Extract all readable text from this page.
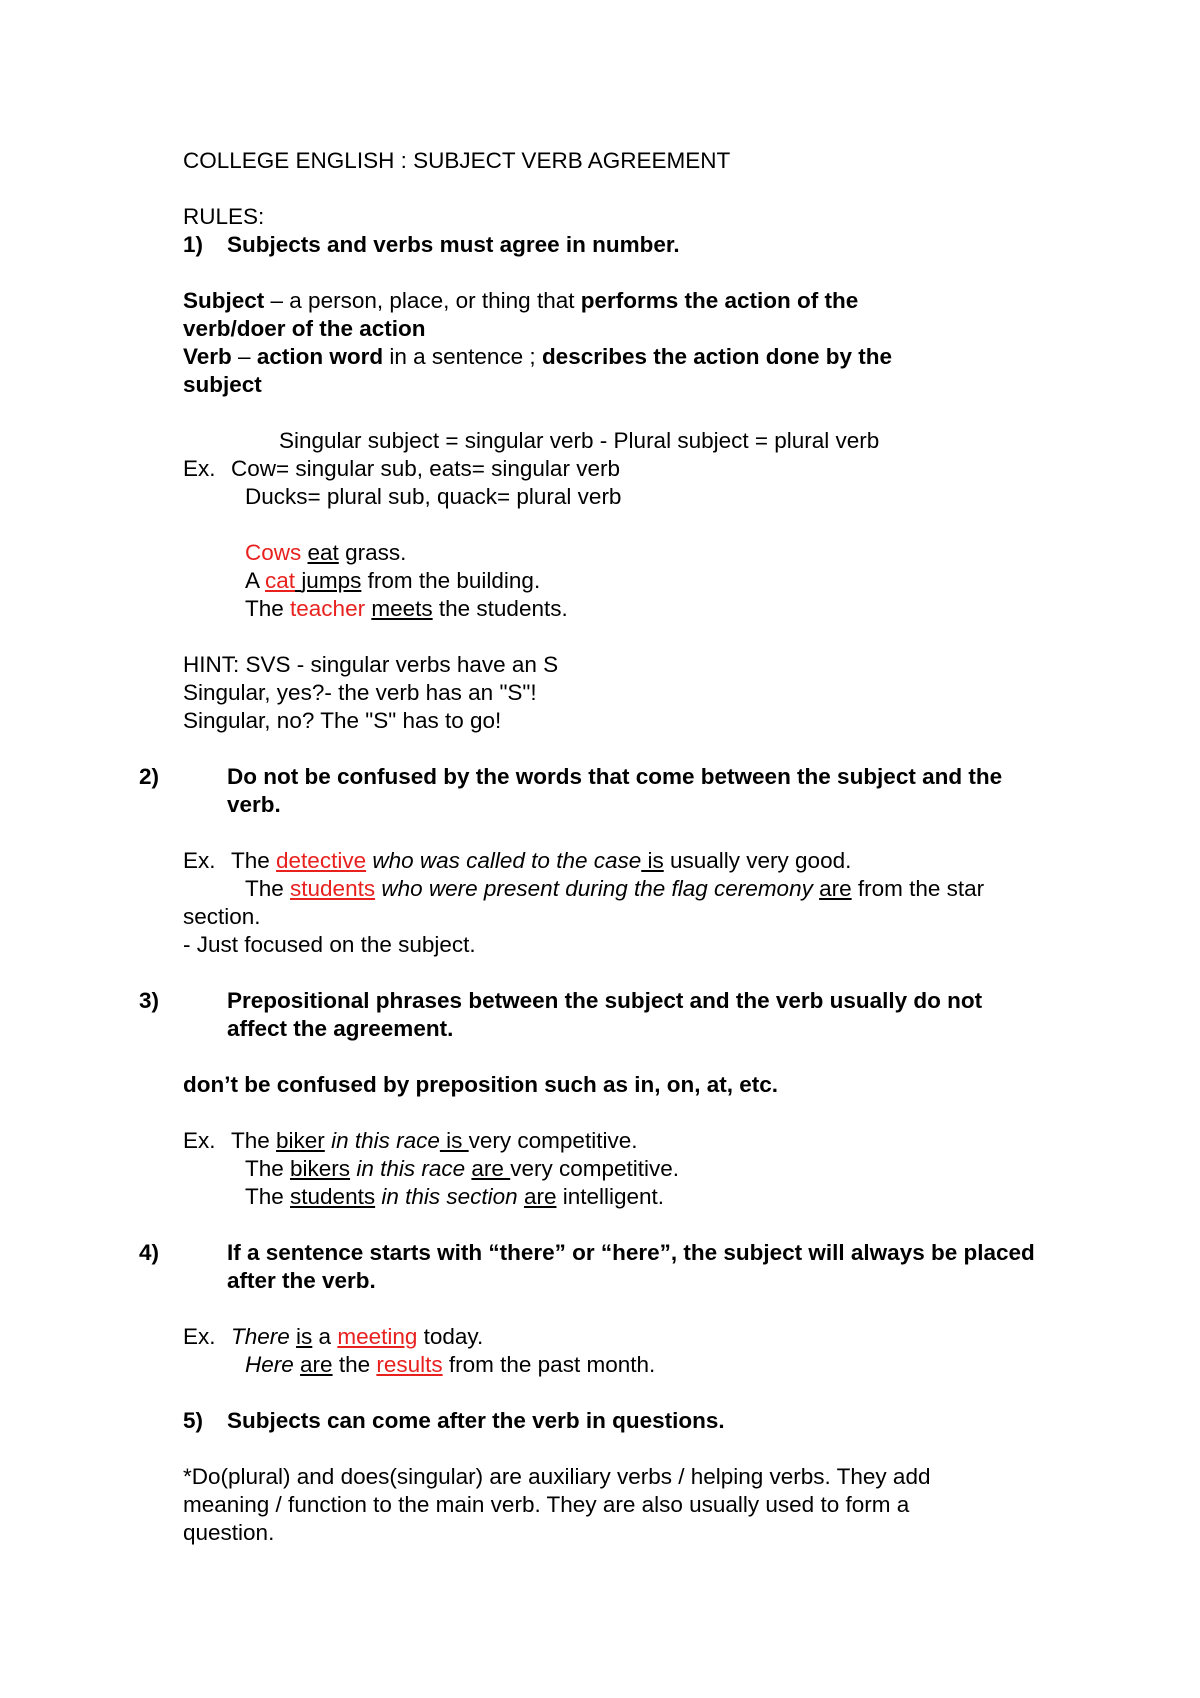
COLLEGE ENGLISH : SUBJECT VERB AGREEMENT

RULES:

1) Subjects and verbs must agree in number.

Subject – a person, place, or thing that performs the action of the verb/doer of the action

Verb – action word in a sentence ; describes the action done by the subject

Singular subject = singular verb - Plural subject = plural verb

Ex. Cow= singular sub, eats= singular verb

Ducks= plural sub, quack= plural verb

Cows eat grass.

A cat jumps from the building.

The teacher meets the students.

HINT: SVS - singular verbs have an S

Singular, yes?- the verb has an "S"!

Singular, no? The "S" has to go!

2)	Do not be confused by the words that come between the subject and the verb.

Ex. The detective who was called to the case is usually very good.

The students who were present during the flag ceremony are from the star section.

- Just focused on the subject.

3)	Prepositional phrases between the subject and the verb usually do not affect the agreement.

don’t be confused by preposition such as in, on, at, etc.

Ex. The biker in this race is very competitive.

The bikers in this race are very competitive.

The students in this section are intelligent.

4)	If a sentence starts with “there” or “here”, the subject will always be placed after the verb.

Ex. There is a meeting today.

Here are the results from the past month.

5) Subjects can come after the verb in questions.

*Do(plural) and does(singular) are auxiliary verbs / helping verbs. They add meaning / function to the main verb. They are also usually used to form a question.
